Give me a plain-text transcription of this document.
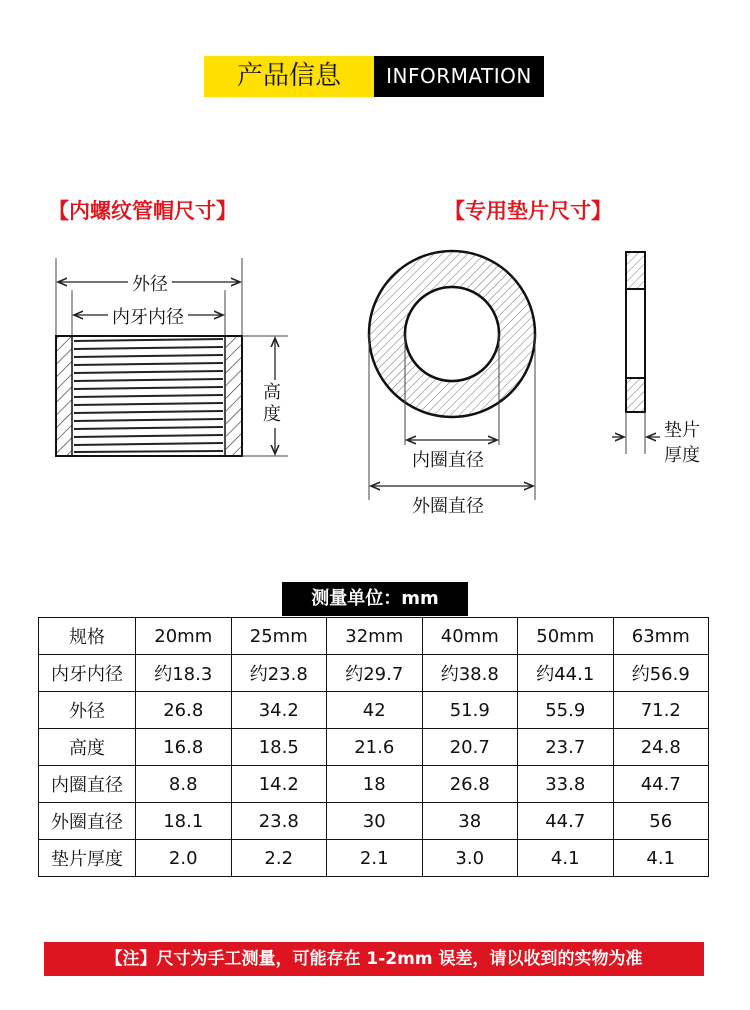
产品信息	INFORMATION
【内螺纹管帽尺寸】	【专用垫片尺寸】
外径
内牙内径
高度
内圈直径
外圈直径
垫片
厚度
测量单位：mm
规格	20mm	25mm	32mm	40mm	50mm	63mm
内牙内径	约18.3	约23.8	约29.7	约38.8	约44.1	约56.9
外径	26.8	34.2	42	51.9	55.9	71.2
高度	16.8	18.5	21.6	20.7	23.7	24.8
内圈直径	8.8	14.2	18	26.8	33.8	44.7
外圈直径	18.1	23.8	30	38	44.7	56
垫片厚度	2.0	2.2	2.1	3.0	4.1	4.1
【注】尺寸为手工测量，可能存在 1-2mm 误差，请以收到的实物为准
